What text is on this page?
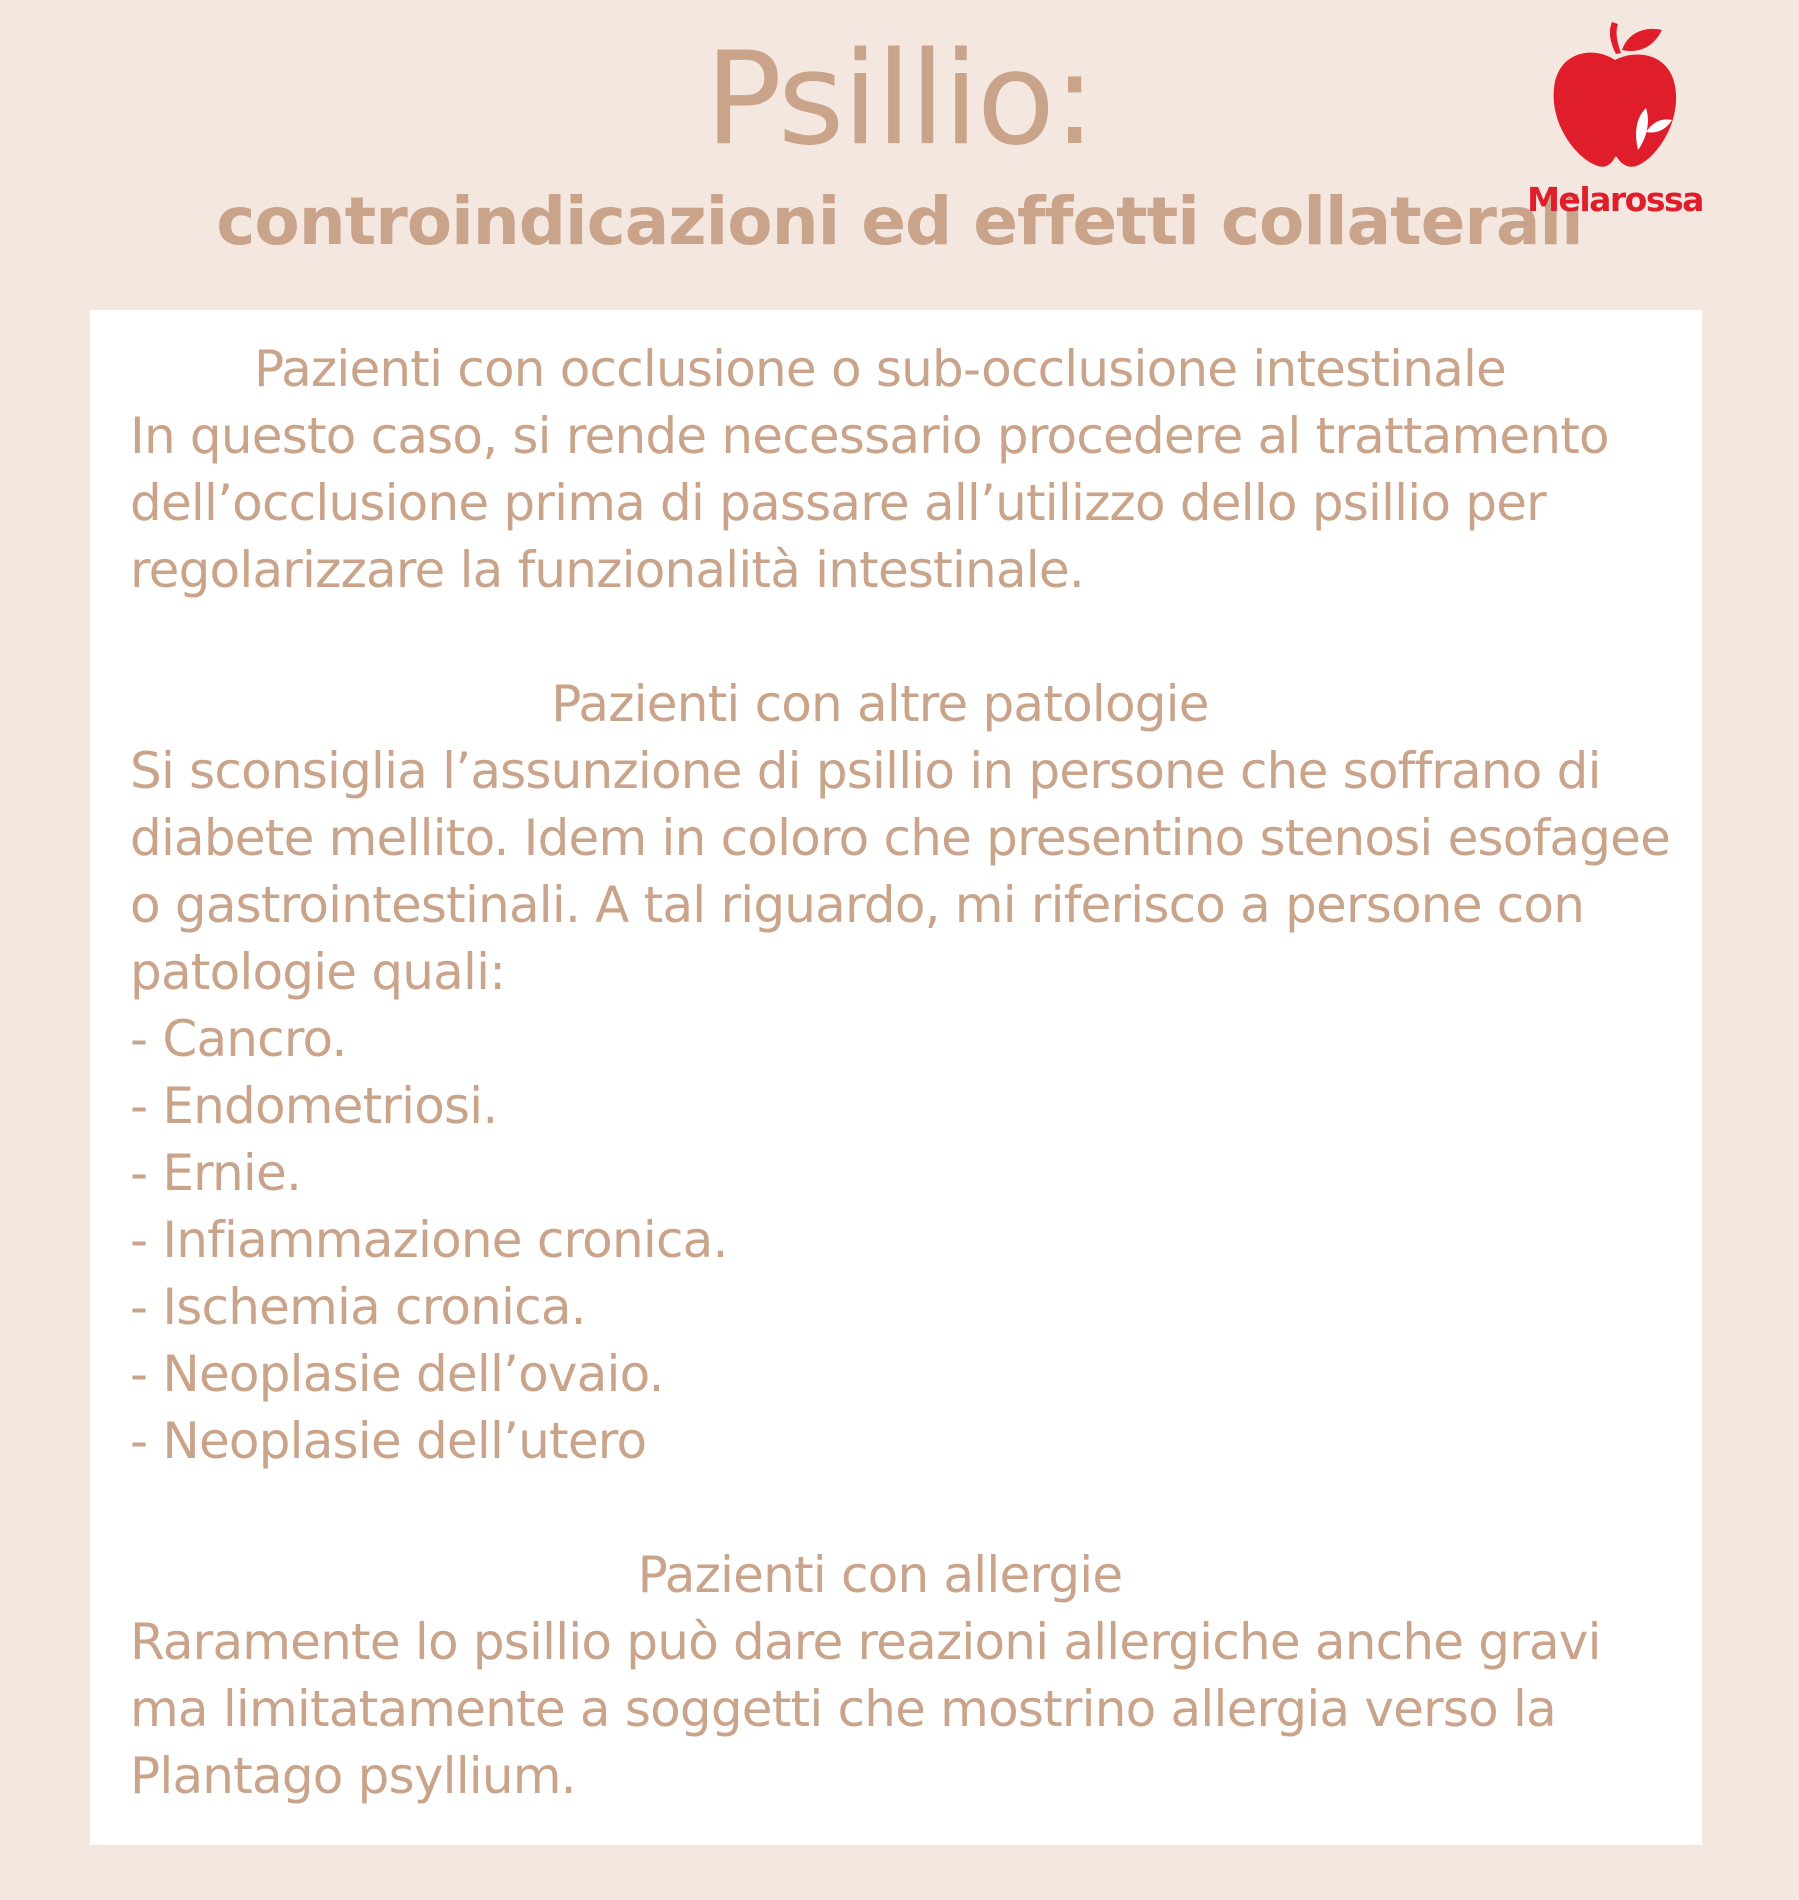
Psillio:
controindicazioni ed effetti collaterali
Melarossa

Pazienti con occlusione o sub-occlusione intestinale

In questo caso, si rende necessario procedere al trattamento

dell’occlusione prima di passare all’utilizzo dello psillio per

regolarizzare la funzionalità intestinale.

Pazienti con altre patologie

Si sconsiglia l’assunzione di psillio in persone che soffrano di

diabete mellito. Idem in coloro che presentino stenosi esofagee

o gastrointestinali. A tal riguardo, mi riferisco a persone con

patologie quali:

- Cancro.
- Endometriosi.
- Ernie.
- Infiammazione cronica.
- Ischemia cronica.
- Neoplasie dell’ovaio.
- Neoplasie dell’utero

Pazienti con allergie

Raramente lo psillio può dare reazioni allergiche anche gravi

ma limitatamente a soggetti che mostrino allergia verso la

Plantago psyllium.
